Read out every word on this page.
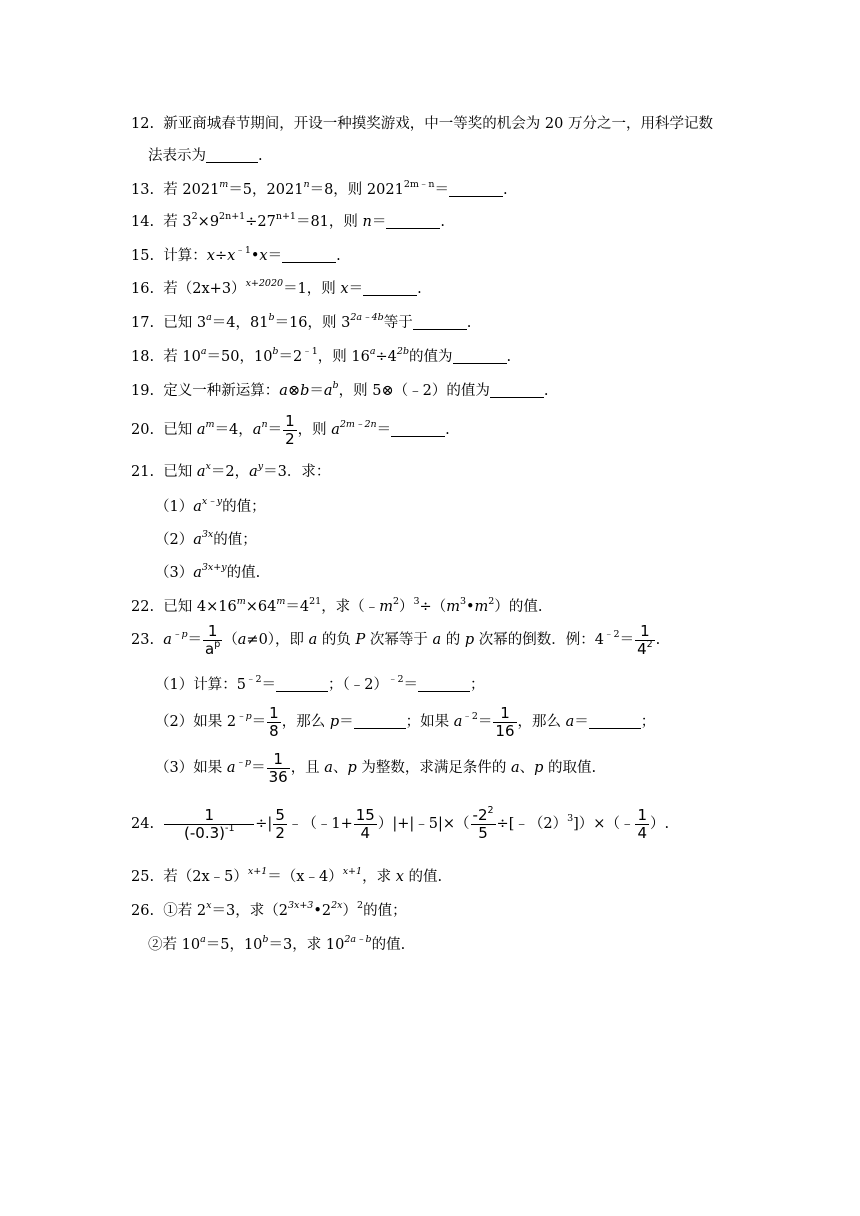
12. 新亚商城春节期间，开设一种摸奖游戏，中一等奖的机会为 20 万分之一，用科学记数
法表示为	.
13. 若 $2021^m=5$，$2021^n=8$，则 $2021^{2m﹣n}=$	.
14. 若 $3^2\times 9^{2n+1}\div 27^{n+1}=81$，则 n＝	.
15. 计算：$x\div x^{﹣1}•x=$	.
16. 若$(2x+3)^{x+2020}=1$，则 x＝	.
17. 已知 $3^a=4$，$81^b=16$，则 $3^{2a﹣4b}$等于	.
18. 若 $10^a=50$，$10^b=2^{﹣1}$，则 $16^a\div 4^{2b}$的值为	.
19. 定义一种新运算：$a\otimes b=a^b$，则 5⊗（﹣2）的值为	.
20. 已知 $a^m=4$，$a^n= \frac{1}{2}$ ，则 $a^{2m﹣2n}=$	.
21. 已知 $a^x=2$，$a^y=3$．求：
$(1)a^{x﹣y}$的值；
$(2)a^{3x}$的值；
$(3)a^{3x+y}$的值.
22. 已知 $4\times 16^m\times 64^m=4^{21}$，求$(﹣m^2)^3\div(m^3•m^2)$的值.
23. $a^{﹣p}= \frac{1}{a^p} (a\ne 0)$，即 a 的负 P 次幂等于 a 的 p 次幂的倒数．例：$4^{﹣2}= \frac{1}{4^2}$ .
（1）计算：$5^{﹣2}=$	；（﹣2）$^{﹣2}$＝	；
（2）如果 $2^{﹣p}= \frac{1}{8}$ ，那么 p＝	；如果 $a^{﹣2}= \frac{1}{16}$ ，那么 a＝	；
（3）如果 $a^{﹣p}= \frac{1}{36}$ ，且 a、p 为整数，求满足条件的 a、p 的取值.
24. $\frac{1}{(-0.3)^{-1}}$ ÷| $\frac{5}{2}$ ﹣（﹣1+ $\frac{15}{4}$ ）|+|﹣5|×（ $\frac{-2^2}{5}$ $\div[﹣(2)^3])\times(﹣ \frac{1}{4}$ ）.
25. 若（2x﹣5）$^{x+1}$＝（x﹣4）$^{x+1}$，求 x 的值.
26. ①若 $2^x=3$，求$(2^{3x+3}•2^{2x})^2$的值；
②若 $10^a=5$，$10^b=3$，求 $10^{2a﹣b}$的值.
